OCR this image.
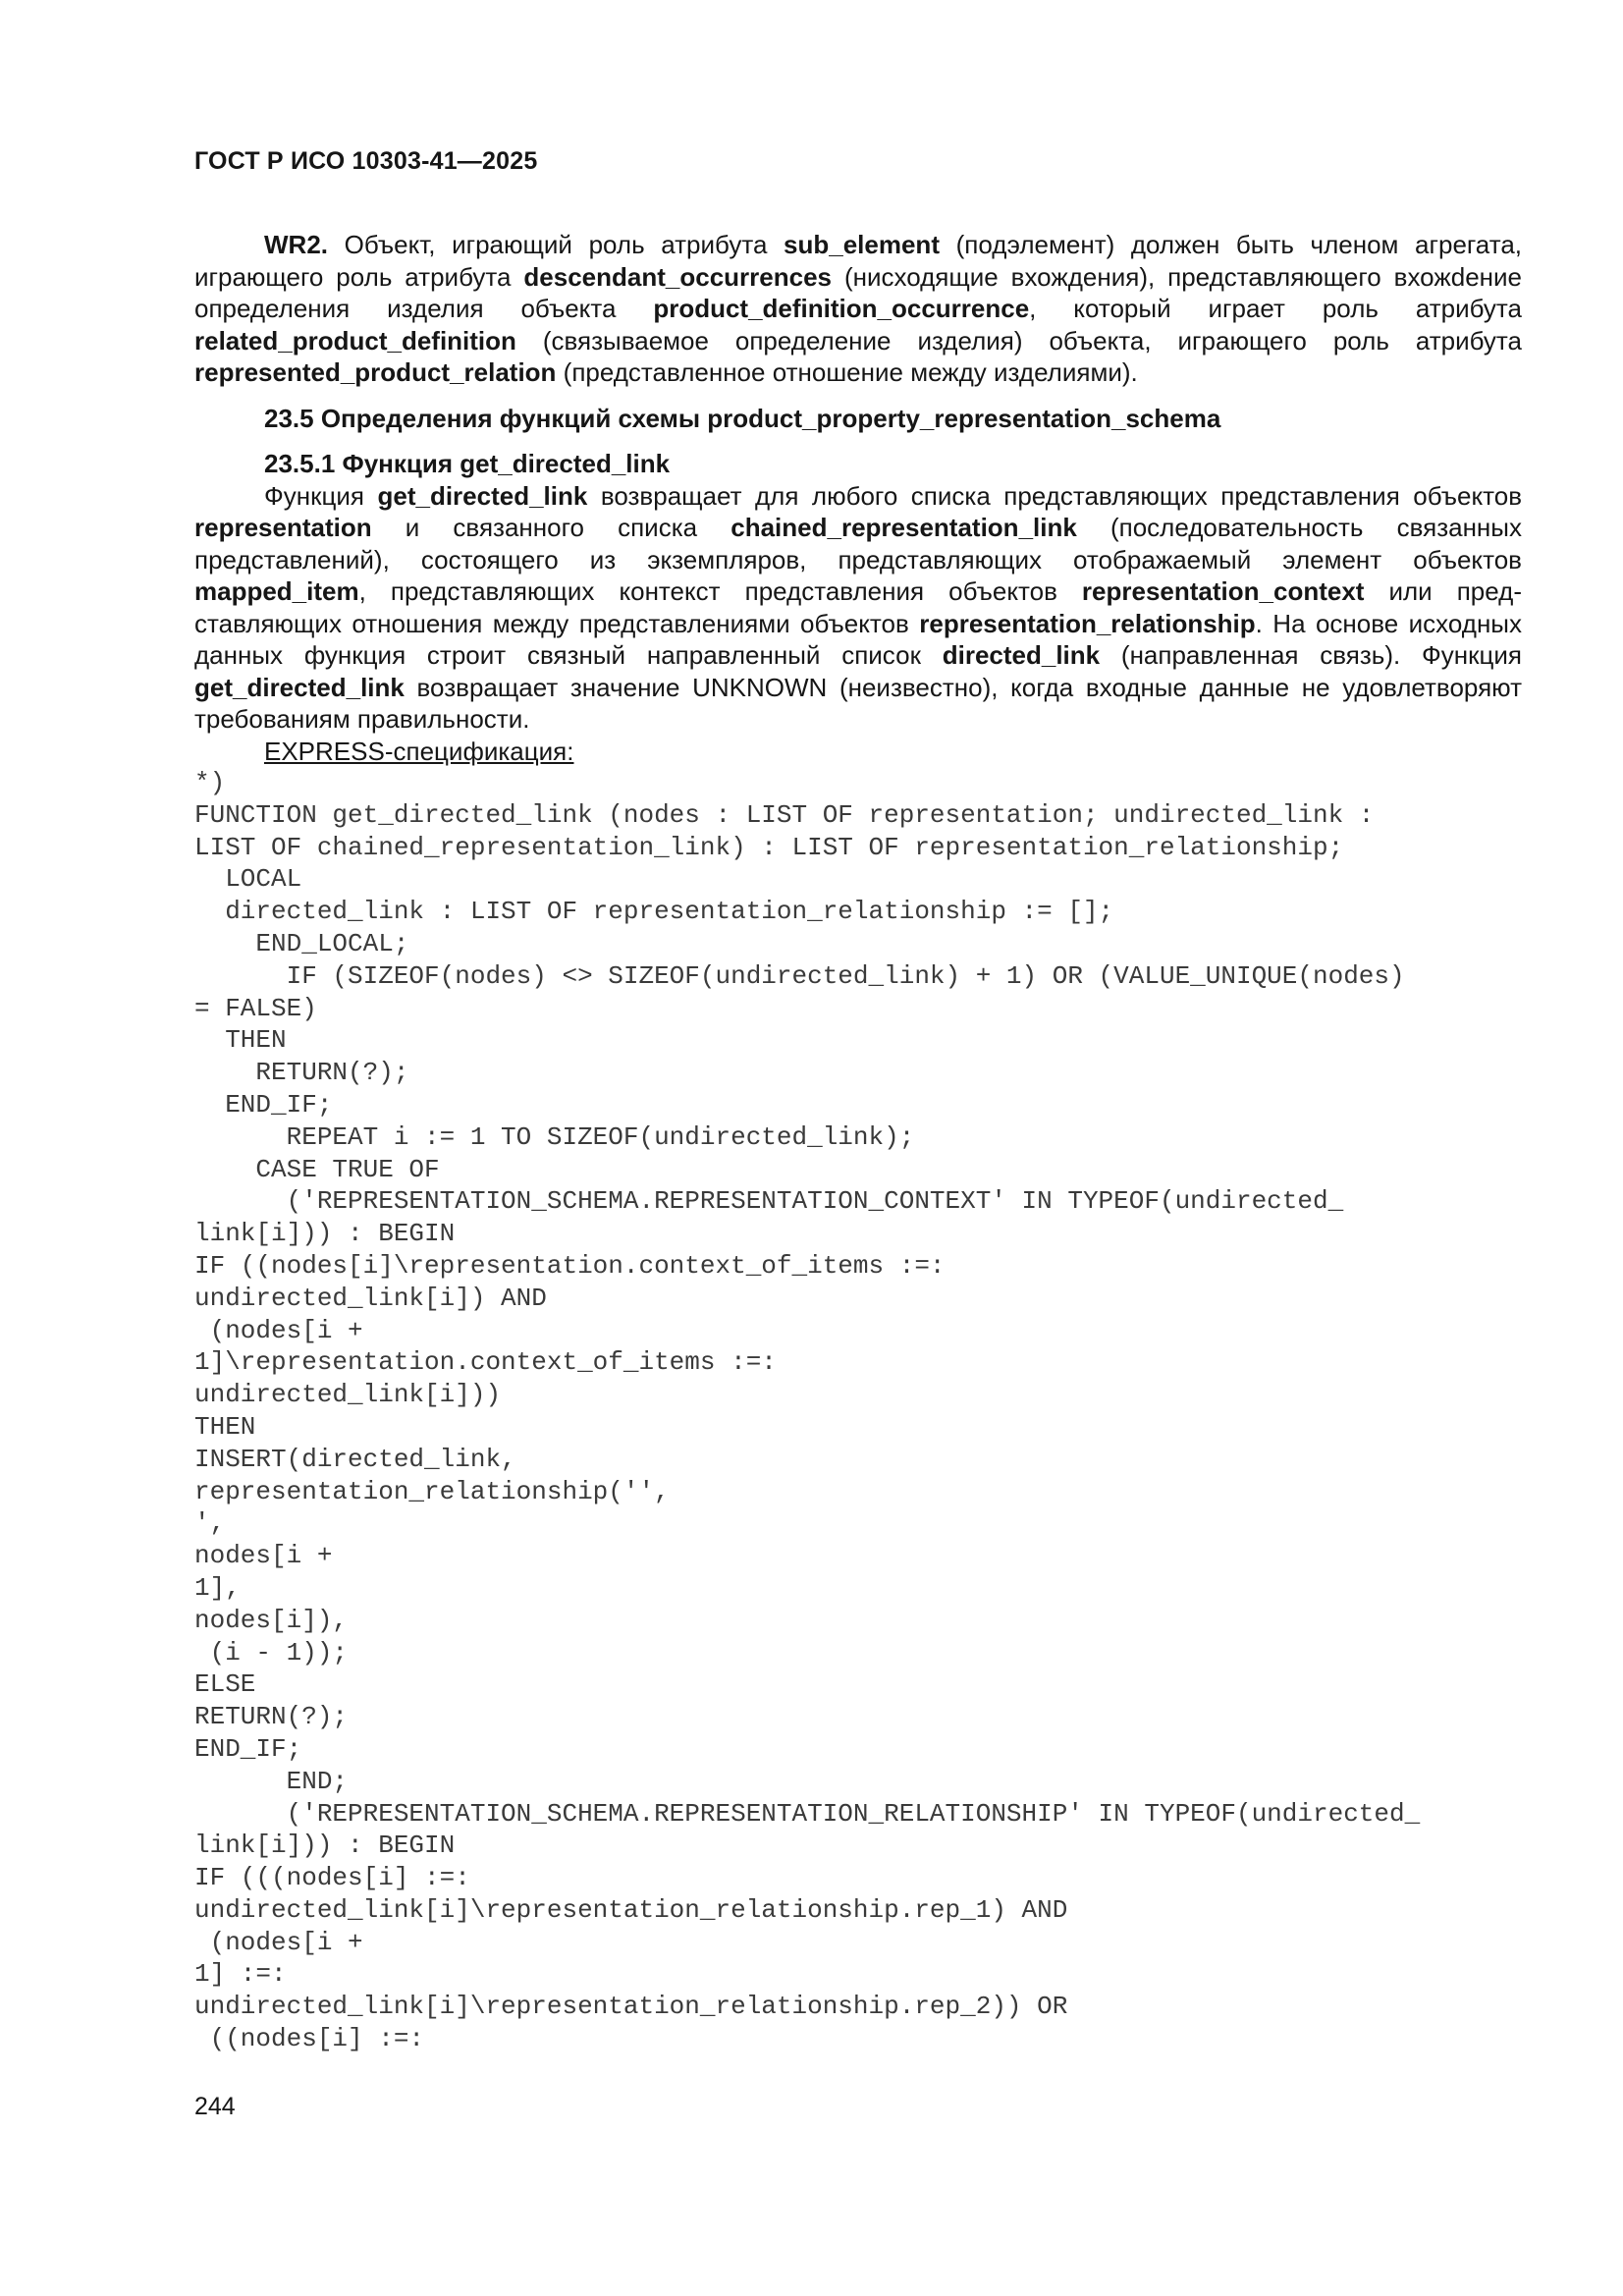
ГОСТ Р ИСО 10303-41—2025

WR2. Объект, играющий роль атрибута sub_element (подэлемент) должен быть членом агрегата, играющего роль атрибута descendant_occurrences (нисходящие вхождения), представляющего вхожdение определения изделия объекта product_definition_occurrence, который играет роль атрибута related_product_definition (связываемое определение изделия) объекта, играющего роль атрибута represented_product_relation (представленное отношение между изделиями).

23.5 Определения функций схемы product_property_representation_schema

23.5.1 Функция get_directed_link

Функция get_directed_link возвращает для любого списка представляющих представления объектов representation и связанного списка chained_representation_link (последовательность связанных представлений), состоящего из экземпляров, представляющих отображаемый элемент объектов mapped_item, представляющих контекст представления объектов representation_context или представляющих отношения между представлениями объектов representation_relationship. На основе исходных данных функция строит связный направленный список directed_link (направленная связь). Функция get_directed_link возвращает значение UNKNOWN (неизвестно), когда входные данные не удовлетворяют требованиям правильности.

EXPRESS-спецификация:

*)
FUNCTION get_directed_link (nodes : LIST OF representation; undirected_link :
LIST OF chained_representation_link) : LIST OF representation_relationship;
LOCAL
directed_link : LIST OF representation_relationship := [];
END_LOCAL;
IF (SIZEOF(nodes) <> SIZEOF(undirected_link) + 1) OR (VALUE_UNIQUE(nodes)
= FALSE)
THEN
RETURN(?);
END_IF;
REPEAT i := 1 TO SIZEOF(undirected_link);
CASE TRUE OF
('REPRESENTATION_SCHEMA.REPRESENTATION_CONTEXT' IN TYPEOF(undirected_
link[i])) : BEGIN
IF ((nodes[i]\representation.context_of_items :=:
undirected_link[i]) AND
(nodes[i +
1]\representation.context_of_items :=:
undirected_link[i]))
THEN
INSERT(directed_link,
representation_relationship('',
',
nodes[i +
1],
nodes[i]),
(i - 1));
ELSE
RETURN(?);
END_IF;
END;
('REPRESENTATION_SCHEMA.REPRESENTATION_RELATIONSHIP' IN TYPEOF(undirected_
link[i])) : BEGIN
IF (((nodes[i] :=:
undirected_link[i]\representation_relationship.rep_1) AND
(nodes[i +
1] :=:
undirected_link[i]\representation_relationship.rep_2)) OR
((nodes[i] :=:
244
